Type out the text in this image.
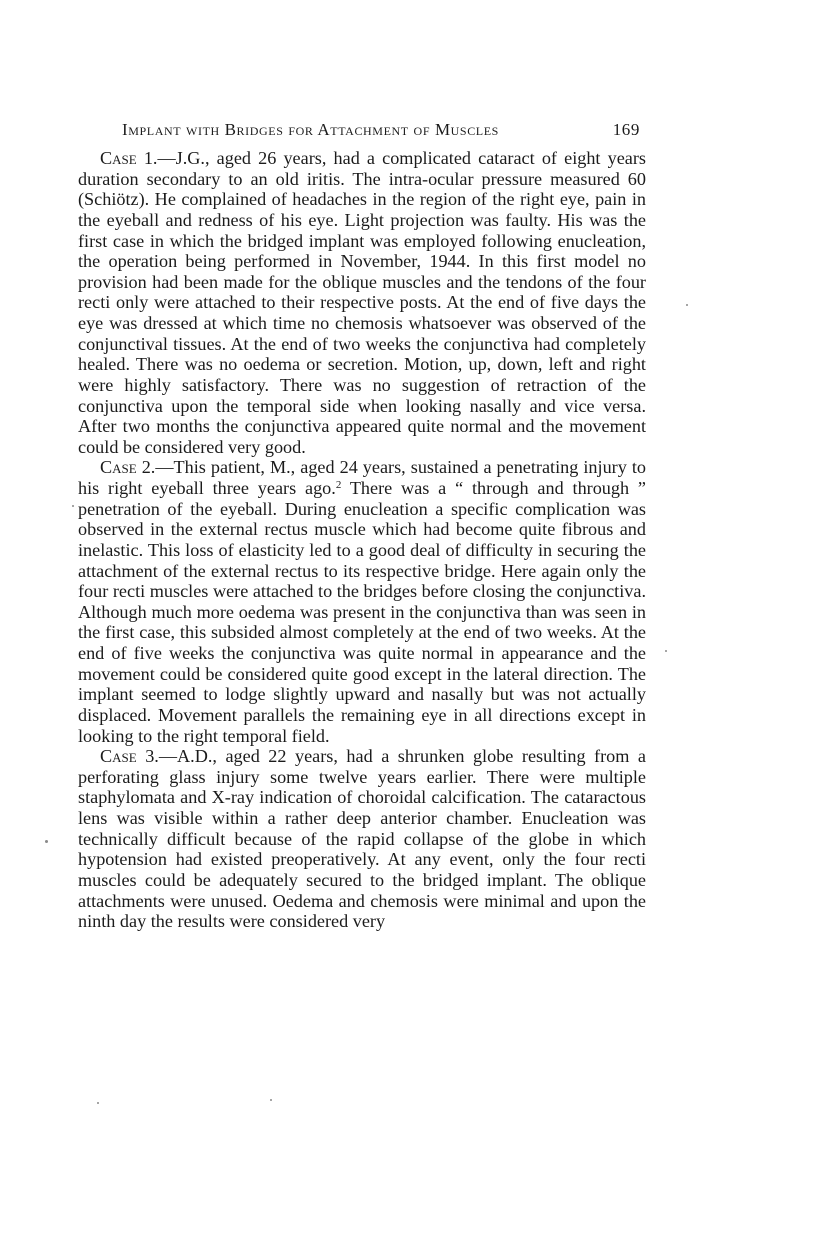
Implant with Bridges for Attachment of Muscles	169

Case 1.—J.G., aged 26 years, had a complicated cataract of eight years duration secondary to an old iritis. The intra-ocular pressure measured 60 (Schiötz). He complained of headaches in the region of the right eye, pain in the eyeball and redness of his eye. Light projection was faulty. His was the first case in which the bridged implant was employed following enucleation, the operation being performed in November, 1944. In this first model no provision had been made for the oblique muscles and the tendons of the four recti only were attached to their respective posts. At the end of five days the eye was dressed at which time no chemosis whatsoever was observed of the conjunctival tissues. At the end of two weeks the conjunctiva had completely healed. There was no oedema or secretion. Motion, up, down, left and right were highly satisfactory. There was no suggestion of retraction of the conjunctiva upon the temporal side when looking nasally and vice versa. After two months the conjunctiva appeared quite normal and the movement could be considered very good.

Case 2.—This patient, M., aged 24 years, sustained a penetrating injury to his right eyeball three years ago.$^2$ There was a “ through and through ” penetration of the eyeball. During enucleation a specific complication was observed in the external rectus muscle which had become quite fibrous and inelastic. This loss of elasticity led to a good deal of difficulty in securing the attachment of the external rectus to its respective bridge. Here again only the four recti muscles were attached to the bridges before closing the conjunctiva. Although much more oedema was present in the conjunctiva than was seen in the first case, this subsided almost completely at the end of two weeks. At the end of five weeks the conjunctiva was quite normal in appearance and the movement could be considered quite good except in the lateral direction. The implant seemed to lodge slightly upward and nasally but was not actually displaced. Movement parallels the remaining eye in all directions except in looking to the right temporal field.

Case 3.—A.D., aged 22 years, had a shrunken globe resulting from a perforating glass injury some twelve years earlier. There were multiple staphylomata and X-ray indication of choroidal calcification. The cataractous lens was visible within a rather deep anterior chamber. Enucleation was technically difficult because of the rapid collapse of the globe in which hypotension had existed preoperatively. At any event, only the four recti muscles could be adequately secured to the bridged implant. The oblique attachments were unused. Oedema and chemosis were minimal and upon the ninth day the results were considered very
